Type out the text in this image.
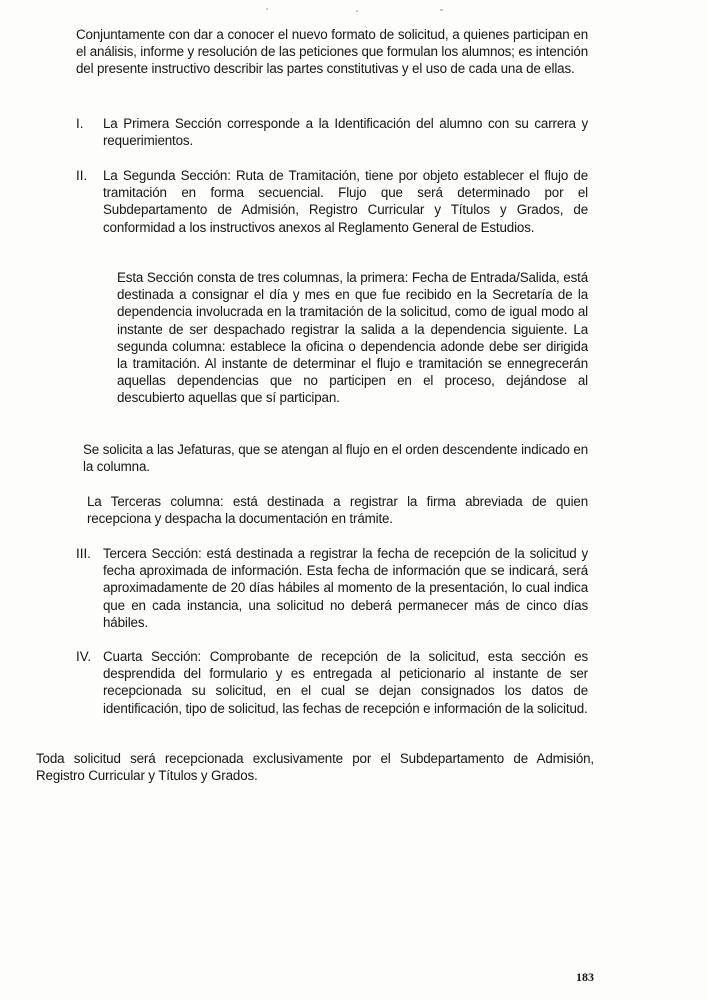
Conjuntamente con dar a conocer el nuevo formato de solicitud, a quienes participan en el análisis, informe y resolución de las peticiones que formulan los alumnos; es intención del presente instructivo describir las partes constitutivas y el uso de cada una de ellas.

I. La Primera Sección corresponde a la Identificación del alumno con su carrera y requerimientos.

II. La Segunda Sección: Ruta de Tramitación, tiene por objeto establecer el flujo de tramitación en forma secuencial. Flujo que será determinado por el Subdepartamento de Admisión, Registro Curricular y Títulos y Grados, de conformidad a los instructivos anexos al Reglamento General de Estudios.

Esta Sección consta de tres columnas, la primera: Fecha de Entrada/Salida, está destinada a consignar el día y mes en que fue recibido en la Secretaría de la dependencia involucrada en la tramitación de la solicitud, como de igual modo al instante de ser despachado registrar la salida a la dependencia siguiente. La segunda columna: establece la oficina o dependencia adonde debe ser dirigida la tramitación. Al instante de determinar el flujo e tramitación se ennegrecerán aquellas dependencias que no participen en el proceso, dejándose al descubierto aquellas que sí participan.

Se solicita a las Jefaturas, que se atengan al flujo en el orden descendente indicado en la columna.

La Terceras columna: está destinada a registrar la firma abreviada de quien recepciona y despacha la documentación en trámite.

III. Tercera Sección: está destinada a registrar la fecha de recepción de la solicitud y fecha aproximada de información. Esta fecha de información que se indicará, será aproximadamente de 20 días hábiles al momento de la presentación, lo cual indica que en cada instancia, una solicitud no deberá permanecer más de cinco días hábiles.

IV. Cuarta Sección: Comprobante de recepción de la solicitud, esta sección es desprendida del formulario y es entregada al peticionario al instante de ser recepcionada su solicitud, en el cual se dejan consignados los datos de identificación, tipo de solicitud, las fechas de recepción e información de la solicitud.

Toda solicitud será recepcionada exclusivamente por el Subdepartamento de Admisión, Registro Curricular y Títulos y Grados.

183
